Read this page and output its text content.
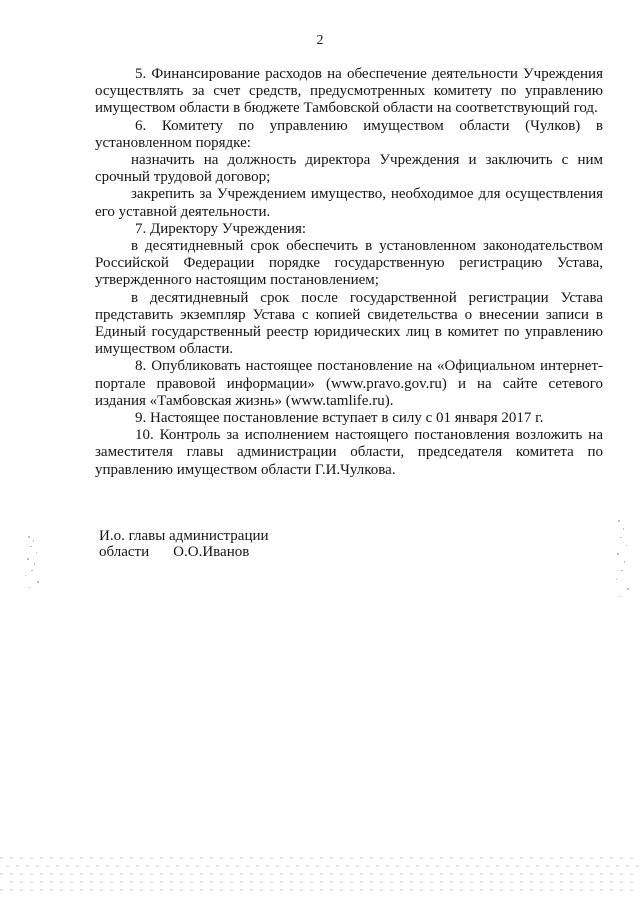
2

5. Финансирование расходов на обеспечение деятельности Учреждения осуществлять за счет средств, предусмотренных комитету по управлению имуществом области в бюджете Тамбовской области на соответствующий год.

6. Комитету по управлению имуществом области (Чулков) в установленном порядке:

назначить на должность директора Учреждения и заключить с ним срочный трудовой договор;

закрепить за Учреждением имущество, необходимое для осуществления его уставной деятельности.

7. Директору Учреждения:

в десятидневный срок обеспечить в установленном законодательством Российской Федерации порядке государственную регистрацию Устава, утвержденного настоящим постановлением;

в десятидневный срок после государственной регистрации Устава представить экземпляр Устава с копией свидетельства о внесении записи в Единый государственный реестр юридических лиц в комитет по управлению имуществом области.

8. Опубликовать настоящее постановление на «Официальном интернет-портале правовой информации» (www.pravo.gov.ru) и на сайте сетевого издания «Тамбовская жизнь» (www.tamlife.ru).

9. Настоящее постановление вступает в силу с 01 января 2017 г.

10. Контроль за исполнением настоящего постановления возложить на заместителя главы администрации области, председателя комитета по управлению имуществом области Г.И.Чулкова.

И.о. главы администрации
области О.О.Иванов
